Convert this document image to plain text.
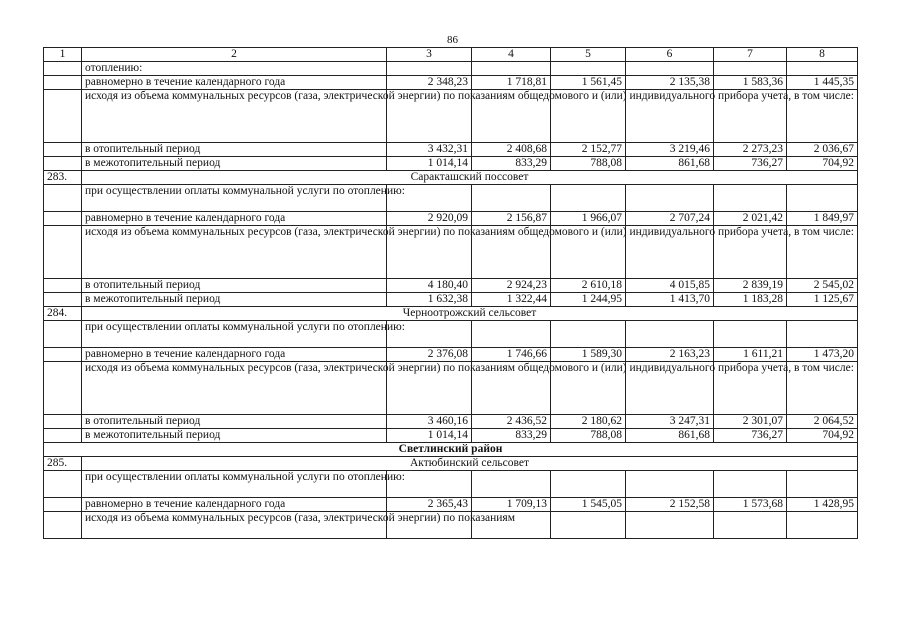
86
1	2	3	4	5	6	7	8
	отоплению:						
	равномерно в течение календарного года	2 348,23	1 718,81	1 561,45	2 135,38	1 583,36	1 445,35
	исходя из объема коммунальных ресурсов (газа, электрической энергии) по показаниям общедомового и (или) индивидуального прибора учета, в том числе:						
	в отопительный период	3 432,31	2 408,68	2 152,77	3 219,46	2 273,23	2 036,67
	в межотопительный период	1 014,14	833,29	788,08	861,68	736,27	704,92
283.	Саракташский поссовет						
	при осуществлении оплаты коммунальной услуги по отоплению:						
	равномерно в течение календарного года	2 920,09	2 156,87	1 966,07	2 707,24	2 021,42	1 849,97
	исходя из объема коммунальных ресурсов (газа, электрической энергии) по показаниям общедомового и (или) индивидуального прибора учета, в том числе:						
	в отопительный период	4 180,40	2 924,23	2 610,18	4 015,85	2 839,19	2 545,02
	в межотопительный период	1 632,38	1 322,44	1 244,95	1 413,70	1 183,28	1 125,67
284.	Черноотрожский сельсовет						
	при осуществлении оплаты коммунальной услуги по отоплению:						
	равномерно в течение календарного года	2 376,08	1 746,66	1 589,30	2 163,23	1 611,21	1 473,20
	исходя из объема коммунальных ресурсов (газа, электрической энергии) по показаниям общедомового и (или) индивидуального прибора учета, в том числе:						
	в отопительный период	3 460,16	2 436,52	2 180,62	3 247,31	2 301,07	2 064,52
	в межотопительный период	1 014,14	833,29	788,08	861,68	736,27	704,92
Светлинский район							
285.	Актюбинский сельсовет						
	при осуществлении оплаты коммунальной услуги по отоплению:						
	равномерно в течение календарного года	2 365,43	1 709,13	1 545,05	2 152,58	1 573,68	1 428,95
	исходя из объема коммунальных ресурсов (газа, электрической энергии) по показаниям						
